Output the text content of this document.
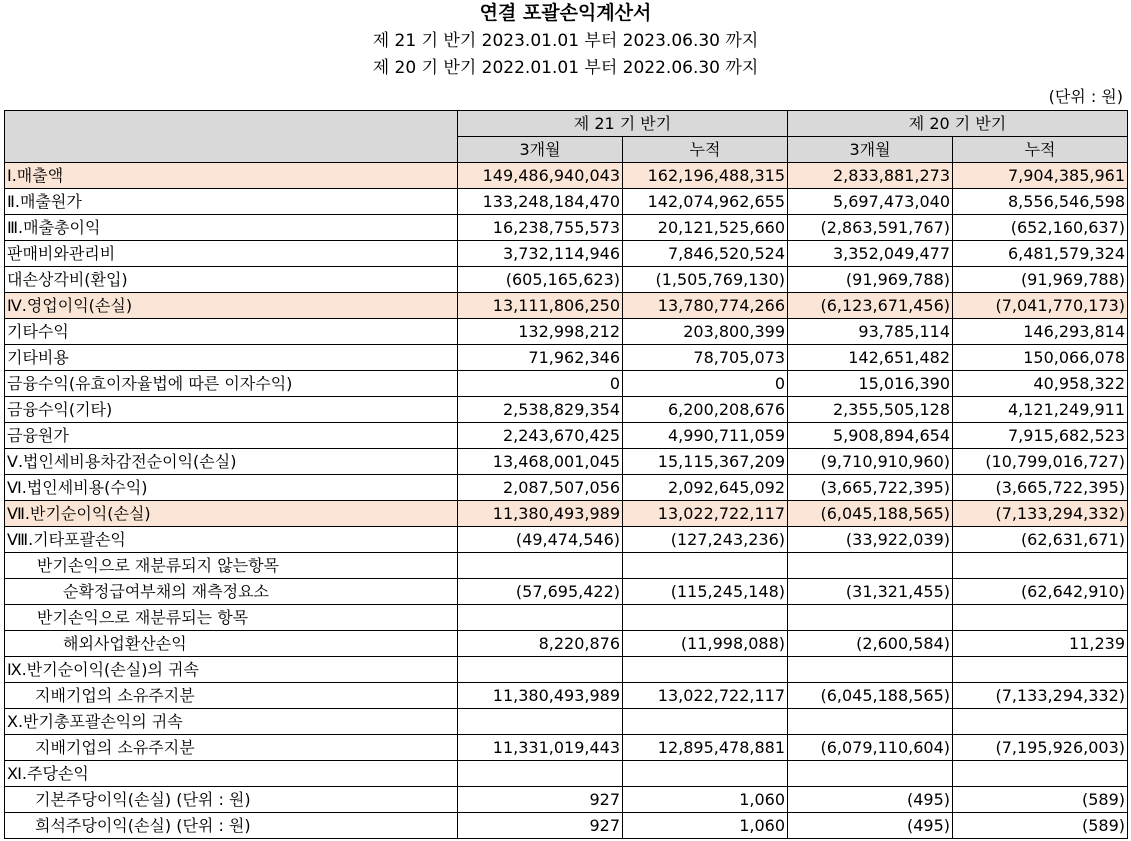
연결 포괄손익계산서
제 21 기 반기 2023.01.01 부터 2023.06.30 까지
제 20 기 반기 2022.01.01 부터 2022.06.30 까지
(단위 : 원)
	제 21 기 반기		제 20 기 반기	
	3개월	누적	3개월	누적
Ⅰ.매출액	149,486,940,043	162,196,488,315	2,833,881,273	7,904,385,961
Ⅱ.매출원가	133,248,184,470	142,074,962,655	5,697,473,040	8,556,546,598
Ⅲ.매출총이익	16,238,755,573	20,121,525,660	(2,863,591,767)	(652,160,637)
판매비와관리비	3,732,114,946	7,846,520,524	3,352,049,477	6,481,579,324
대손상각비(환입)	(605,165,623)	(1,505,769,130)	(91,969,788)	(91,969,788)
Ⅳ.영업이익(손실)	13,111,806,250	13,780,774,266	(6,123,671,456)	(7,041,770,173)
기타수익	132,998,212	203,800,399	93,785,114	146,293,814
기타비용	71,962,346	78,705,073	142,651,482	150,066,078
금융수익(유효이자율법에 따른 이자수익)	0	0	15,016,390	40,958,322
금융수익(기타)	2,538,829,354	6,200,208,676	2,355,505,128	4,121,249,911
금융원가	2,243,670,425	4,990,711,059	5,908,894,654	7,915,682,523
Ⅴ.법인세비용차감전순이익(손실)	13,468,001,045	15,115,367,209	(9,710,910,960)	(10,799,016,727)
Ⅵ.법인세비용(수익)	2,087,507,056	2,092,645,092	(3,665,722,395)	(3,665,722,395)
Ⅶ.반기순이익(손실)	11,380,493,989	13,022,722,117	(6,045,188,565)	(7,133,294,332)
Ⅷ.기타포괄손익	(49,474,546)	(127,243,236)	(33,922,039)	(62,631,671)
반기손익으로 재분류되지 않는항목				
순확정급여부채의 재측정요소	(57,695,422)	(115,245,148)	(31,321,455)	(62,642,910)
반기손익으로 재분류되는 항목				
해외사업환산손익	8,220,876	(11,998,088)	(2,600,584)	11,239
Ⅸ.반기순이익(손실)의 귀속				
지배기업의 소유주지분	11,380,493,989	13,022,722,117	(6,045,188,565)	(7,133,294,332)
Ⅹ.반기총포괄손익의 귀속				
지배기업의 소유주지분	11,331,019,443	12,895,478,881	(6,079,110,604)	(7,195,926,003)
Ⅺ.주당손익				
기본주당이익(손실) (단위 : 원)	927	1,060	(495)	(589)
희석주당이익(손실) (단위 : 원)	927	1,060	(495)	(589)
